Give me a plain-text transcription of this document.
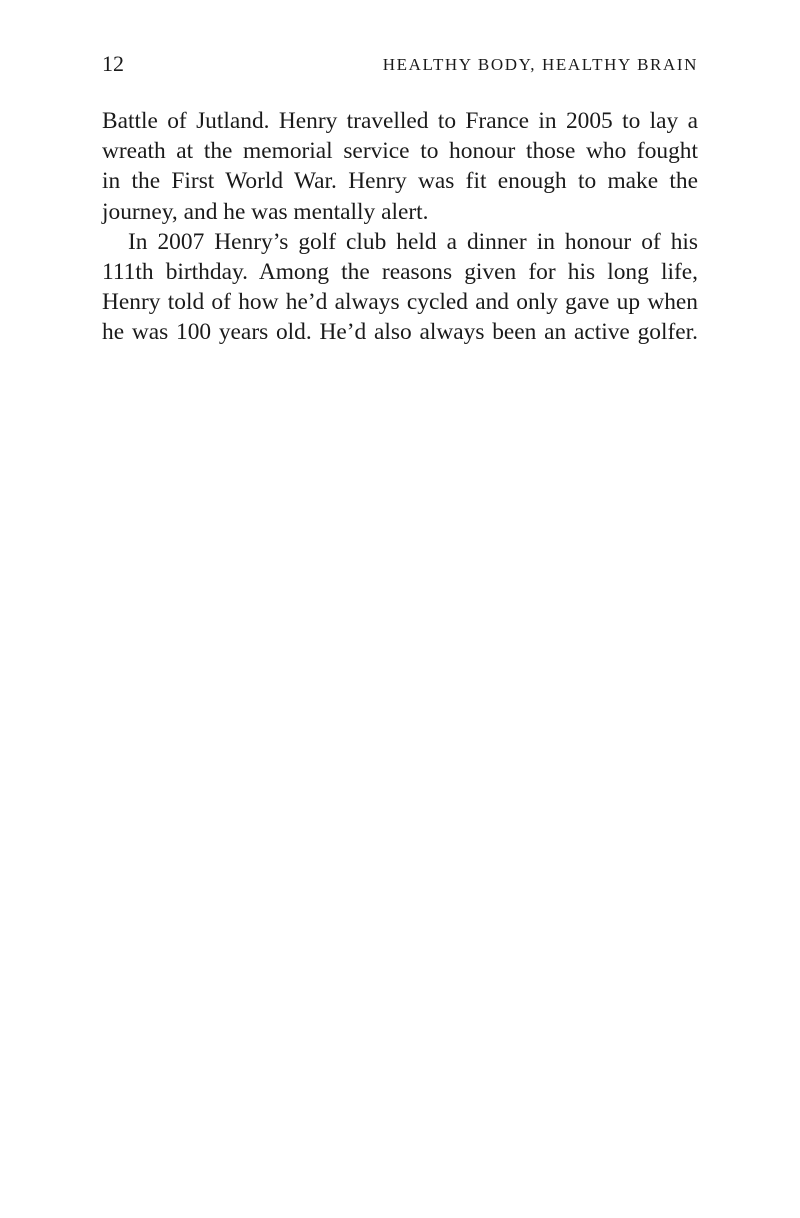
12	HEALTHY BODY, HEALTHY BRAIN
Battle of Jutland. Henry travelled to France in 2005 to lay a
wreath at the memorial service to honour those who fought
in the First World War. Henry was fit enough to make the
journey, and he was mentally alert.
In 2007 Henry’s golf club held a dinner in honour of his
111th birthday. Among the reasons given for his long life,
Henry told of how he’d always cycled and only gave up when
he was 100 years old. He’d also always been an active golfer.
